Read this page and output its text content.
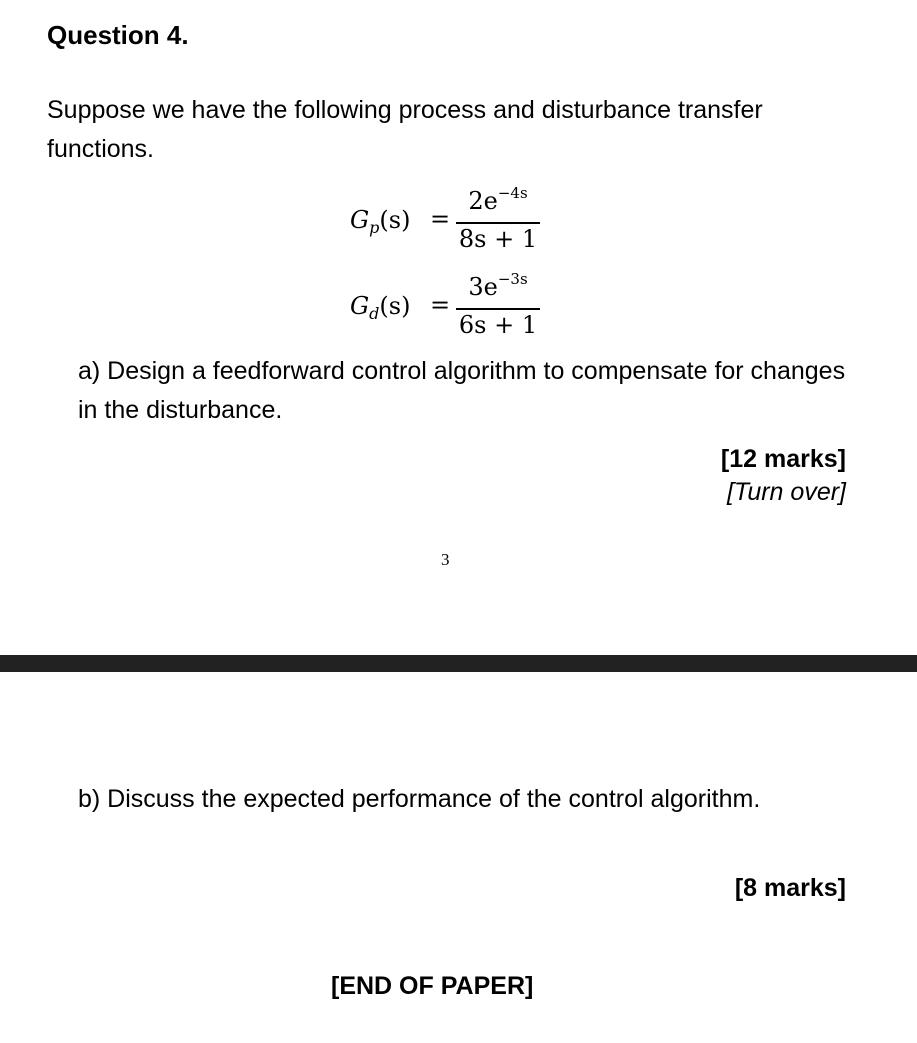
Question 4.
Suppose we have the following process and disturbance transfer functions.
$G_p(s)$ =
$2e^{-4s}$
8s + 1
$G_d(s)$ =
$3e^{-3s}$
6s + 1
a) Design a feedforward control algorithm to compensate for changes in the disturbance.
[12 marks]
[Turn over]
3
b) Discuss the expected performance of the control algorithm.
[8 marks]
[END OF PAPER]
